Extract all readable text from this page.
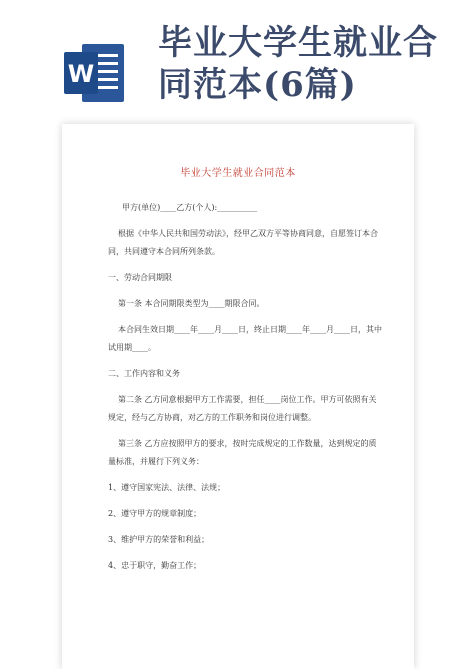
W
毕业大学生就业合
同范本(6篇)

毕业大学生就业合同范本
甲方(单位)____乙方(个人):__________
根据《中华人民共和国劳动法》，经甲乙双方平等协商同意，自愿签订本合
同，共同遵守本合同所列条款。
一、劳动合同期限
第一条 本合同期限类型为____期限合同。
本合同生效日期____年____月____日，终止日期____年____月____日，其中
试用期____。
二、工作内容和义务
第二条 乙方同意根据甲方工作需要，担任____岗位工作。甲方可依照有关
规定，经与乙方协商，对乙方的工作职务和岗位进行调整。
第三条 乙方应按照甲方的要求，按时完成规定的工作数量，达到规定的质
量标准，并履行下列义务：
1、遵守国家宪法、法律、法规；
2、遵守甲方的规章制度；
3、维护甲方的荣誉和利益；
4、忠于职守，勤奋工作；
